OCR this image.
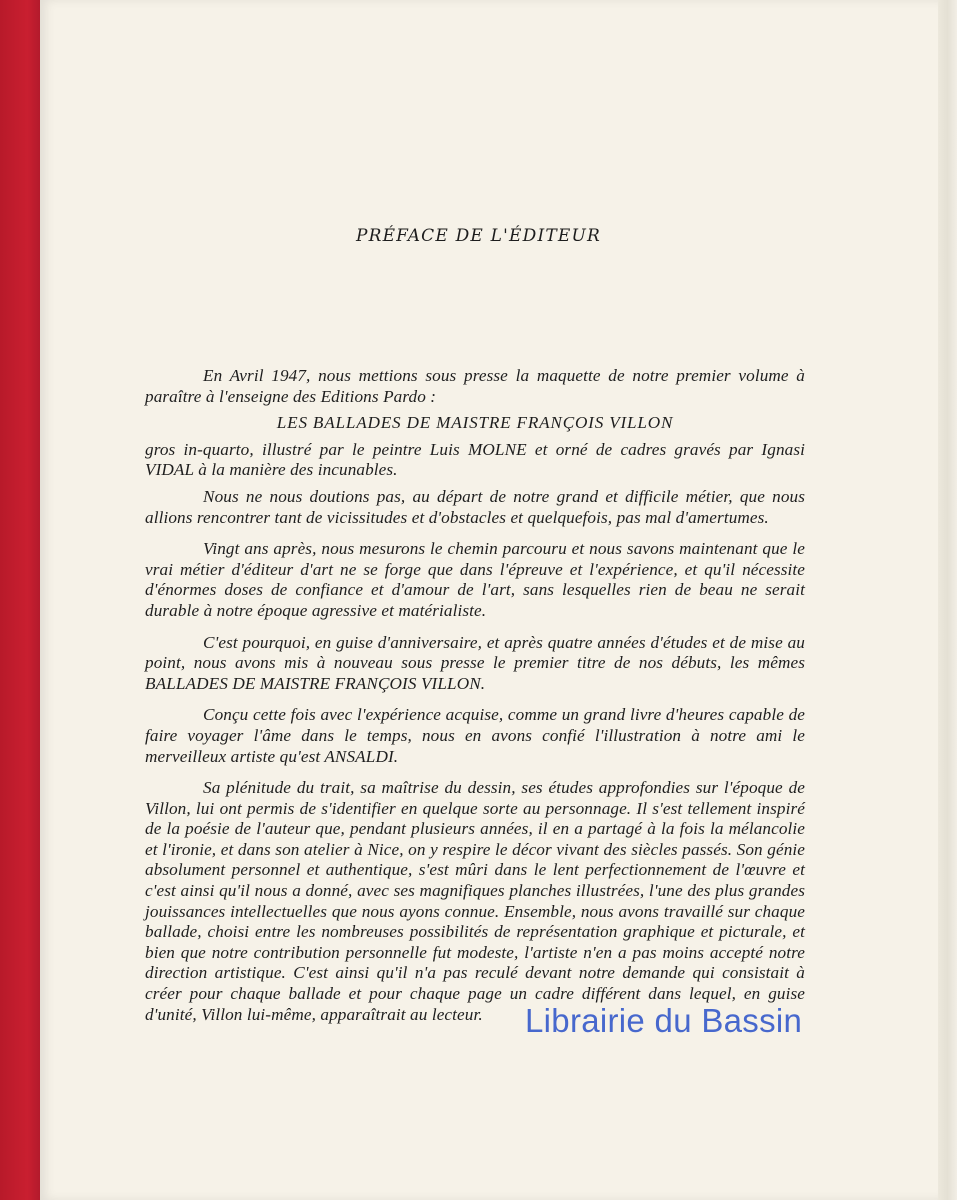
PRÉFACE DE L'ÉDITEUR

En Avril 1947, nous mettions sous presse la maquette de notre premier volume à paraître à l'enseigne des Editions Pardo :

LES BALLADES DE MAISTRE FRANÇOIS VILLON

gros in-quarto, illustré par le peintre Luis MOLNE et orné de cadres gravés par Ignasi VIDAL à la manière des incunables.

Nous ne nous doutions pas, au départ de notre grand et difficile métier, que nous allions rencontrer tant de vicissitudes et d'obstacles et quelquefois, pas mal d'amertumes.

Vingt ans après, nous mesurons le chemin parcouru et nous savons maintenant que le vrai métier d'éditeur d'art ne se forge que dans l'épreuve et l'expérience, et qu'il nécessite d'énormes doses de confiance et d'amour de l'art, sans lesquelles rien de beau ne serait durable à notre époque agressive et matérialiste.

C'est pourquoi, en guise d'anniversaire, et après quatre années d'études et de mise au point, nous avons mis à nouveau sous presse le premier titre de nos débuts, les mêmes BALLADES DE MAISTRE FRANÇOIS VILLON.

Conçu cette fois avec l'expérience acquise, comme un grand livre d'heures capable de faire voyager l'âme dans le temps, nous en avons confié l'illustration à notre ami le merveilleux artiste qu'est ANSALDI.

Sa plénitude du trait, sa maîtrise du dessin, ses études approfondies sur l'époque de Villon, lui ont permis de s'identifier en quelque sorte au personnage. Il s'est tellement inspiré de la poésie de l'auteur que, pendant plusieurs années, il en a partagé à la fois la mélancolie et l'ironie, et dans son atelier à Nice, on y respire le décor vivant des siècles passés. Son génie absolument personnel et authentique, s'est mûri dans le lent perfectionnement de l'œuvre et c'est ainsi qu'il nous a donné, avec ses magnifiques planches illustrées, l'une des plus grandes jouissances intellectuelles que nous ayons connue. Ensemble, nous avons travaillé sur chaque ballade, choisi entre les nombreuses possibilités de représentation graphique et picturale, et bien que notre contribution personnelle fut modeste, l'artiste n'en a pas moins accepté notre direction artistique. C'est ainsi qu'il n'a pas reculé devant notre demande qui consistait à créer pour chaque ballade et pour chaque page un cadre différent dans lequel, en guise d'unité, Villon lui-même, apparaîtrait au lecteur.	Librairie du Bassin
